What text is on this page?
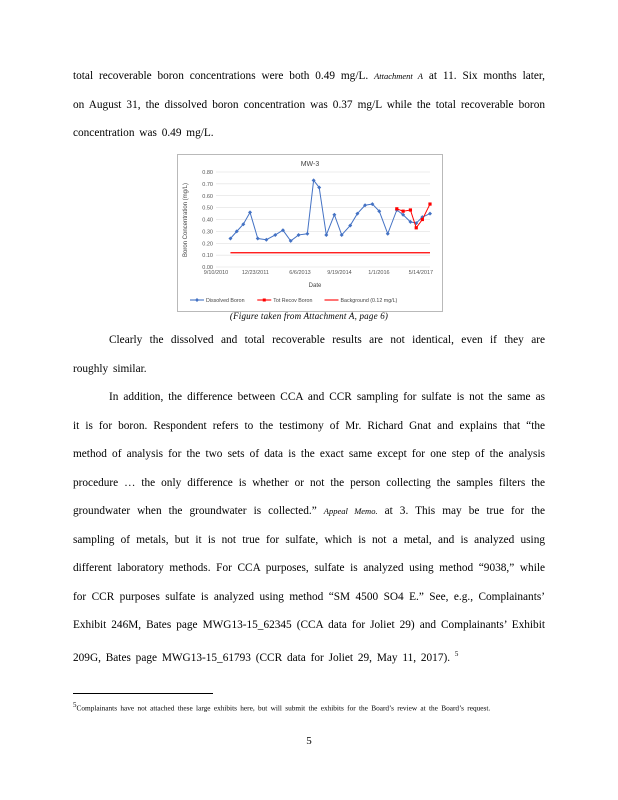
total recoverable boron concentrations were both 0.49 mg/L. Attachment A at 11. Six months later, on August 31, the dissolved boron concentration was 0.37 mg/L while the total recoverable boron concentration was 0.49 mg/L.

MW-3
Boron Concentration (mg/L)
Date
0.00
0.10
0.20
0.30
0.40
0.50
0.60
0.70
0.80
9/10/2010 12/23/2011	6/6/2013	9/19/2014	1/1/2016	5/14/2017
Dissolved Boron	Tot Recov Boron	Background (0.12 mg/L)
(Figure taken from Attachment A, page 6)

Clearly the dissolved and total recoverable results are not identical, even if they are roughly similar.

In addition, the difference between CCA and CCR sampling for sulfate is not the same as it is for boron. Respondent refers to the testimony of Mr. Richard Gnat and explains that “the method of analysis for the two sets of data is the exact same except for one step of the analysis procedure … the only difference is whether or not the person collecting the samples filters the groundwater when the groundwater is collected.” Appeal Memo. at 3. This may be true for the sampling of metals, but it is not true for sulfate, which is not a metal, and is analyzed using different laboratory methods. For CCA purposes, sulfate is analyzed using method “9038,” while for CCR purposes sulfate is analyzed using method “SM 4500 SO4 E.” See, e.g., Complainants’ Exhibit 246M, Bates page MWG13-15_62345 (CCA data for Joliet 29) and Complainants’ Exhibit 209G, Bates page MWG13-15_61793 (CCR data for Joliet 29, May 11, 2017). $^5$

$^5$Complainants have not attached these large exhibits here, but will submit the exhibits for the Board’s review at the Board’s request.
5
